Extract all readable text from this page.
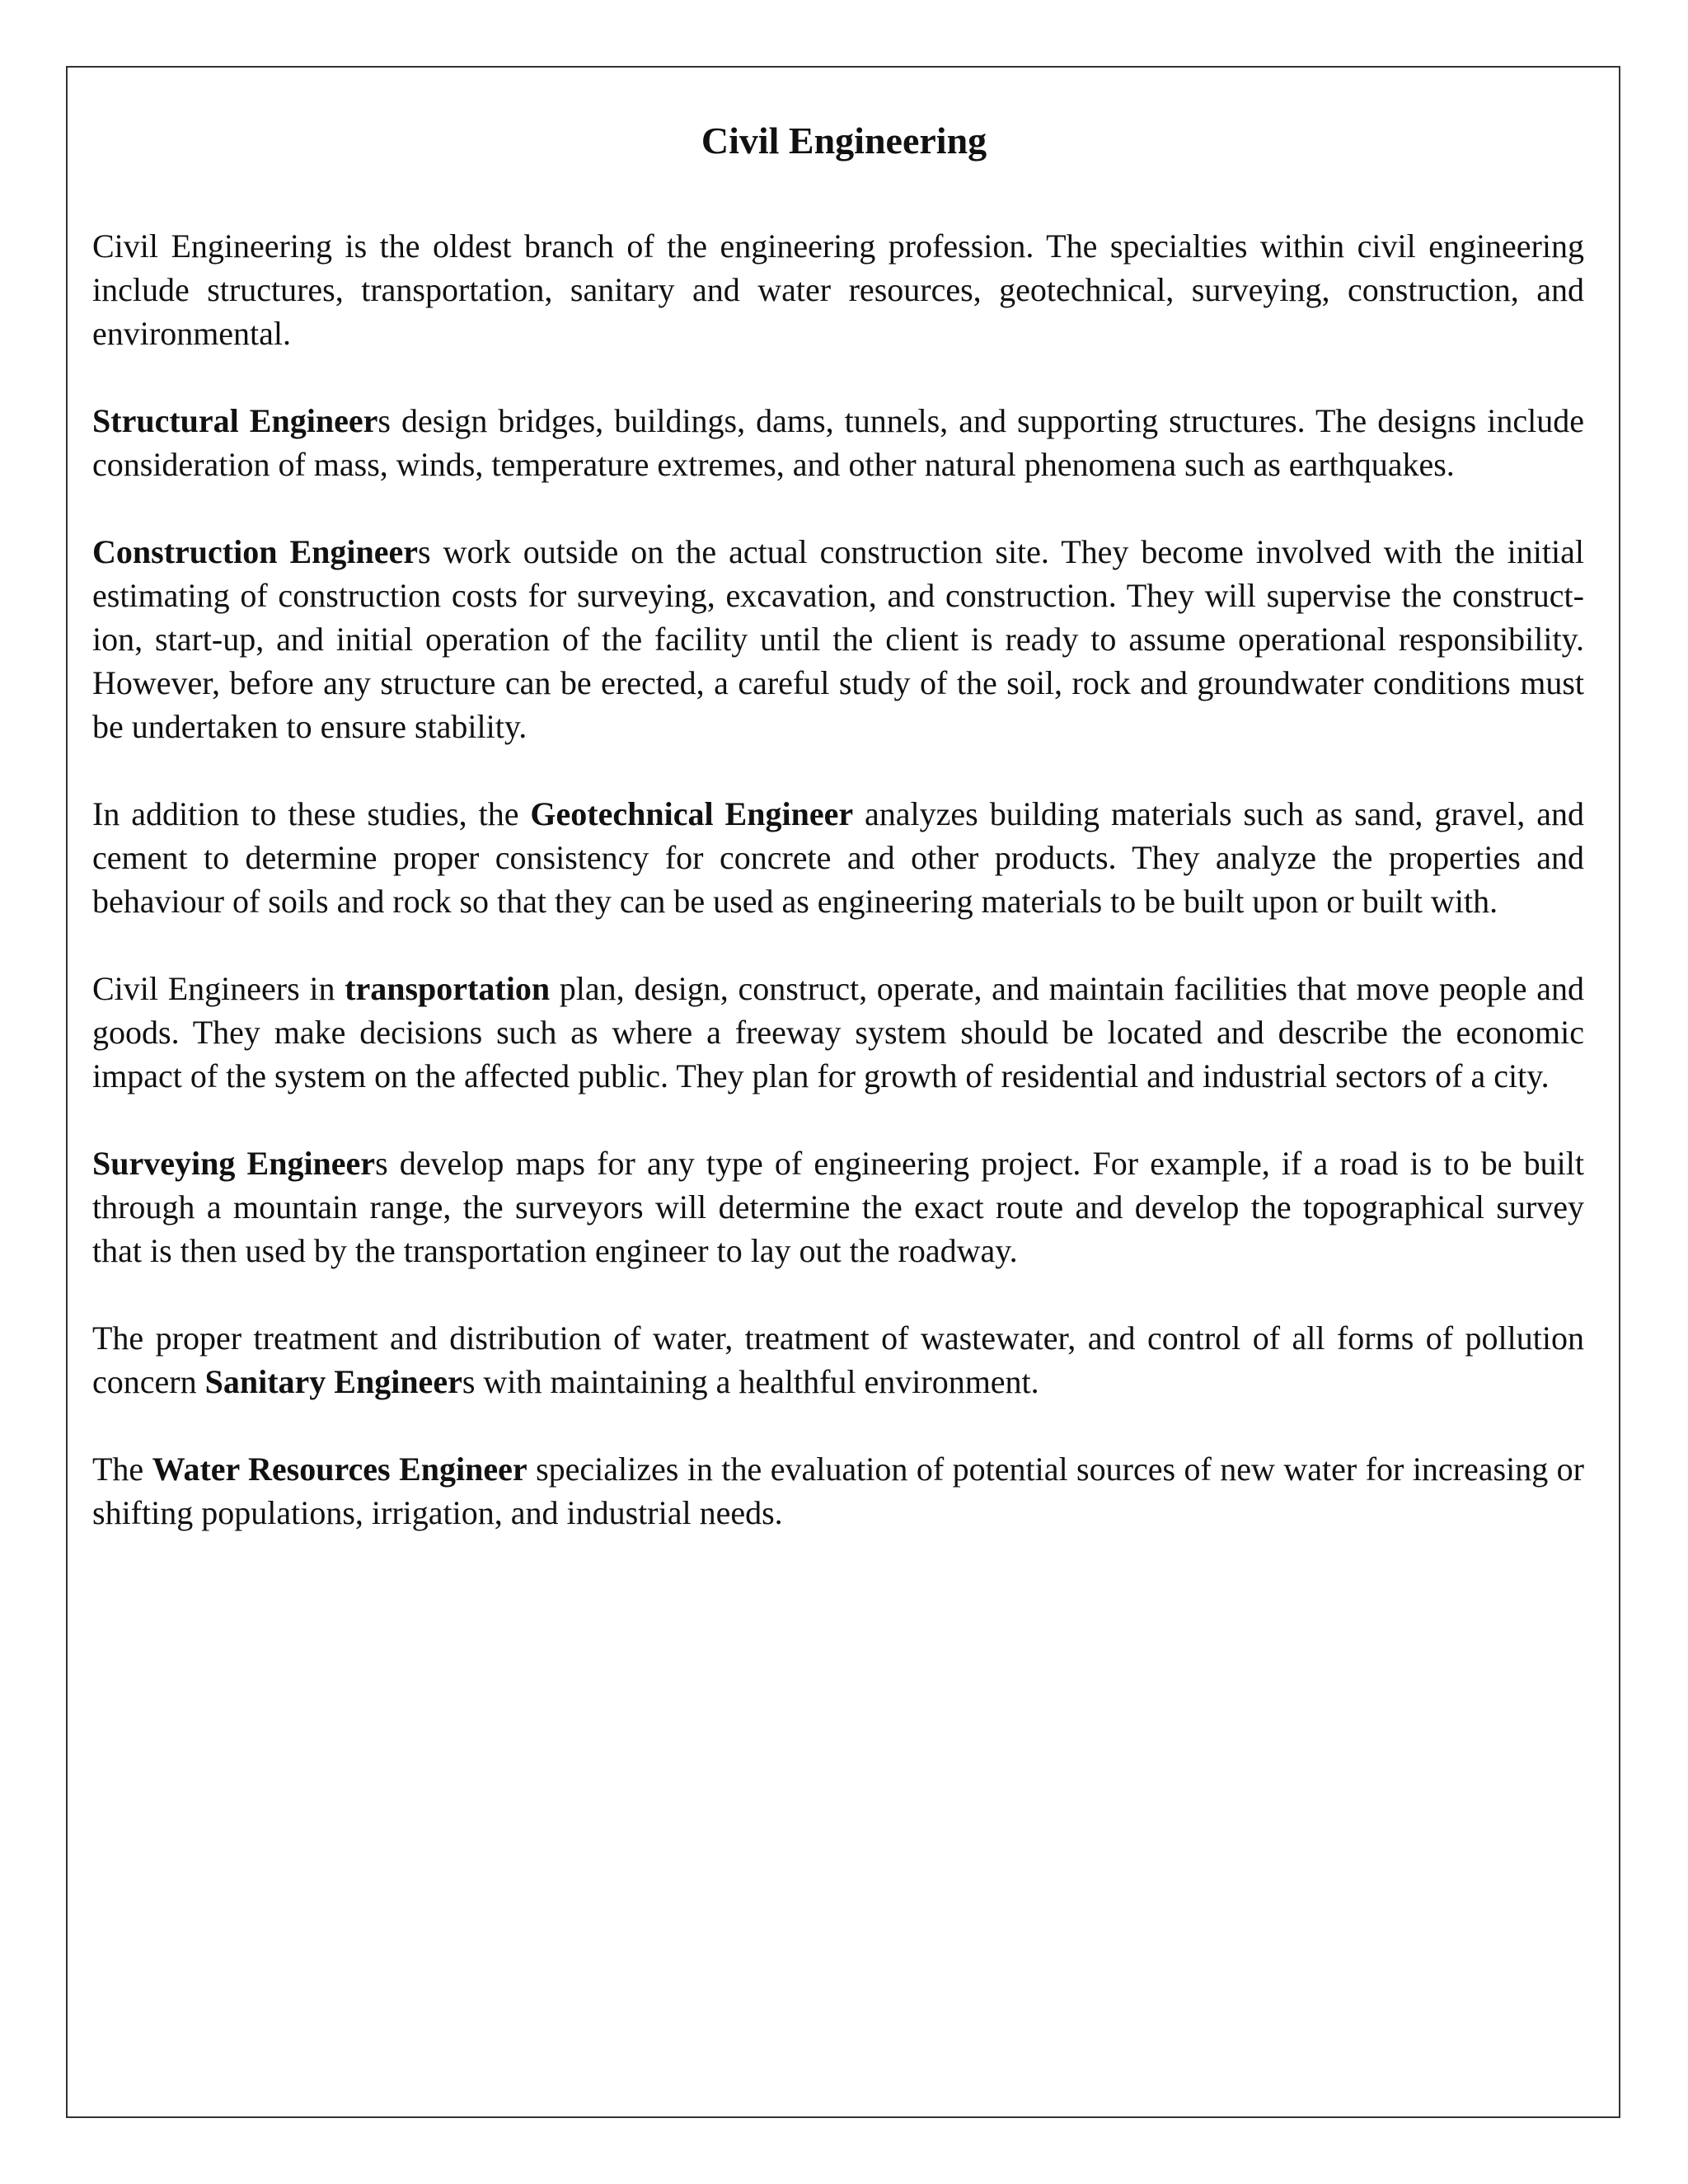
Civil Engineering

Civil Engineering is the oldest branch of the engineering profession. The specialties within civil engineering include structures, transportation, sanitary and water resources, geotechnical, surveying, construction, and environmental.

Structural Engineers design bridges, buildings, dams, tunnels, and supporting structures. The designs include consideration of mass, winds, temperature extremes, and other natural phenomena such as earthquakes.

Construction Engineers work outside on the actual construction site. They become involved with the initial estimating of construction costs for surveying, excavation, and construction. They will supervise the construct-ion, start-up, and initial operation of the facility until the client is ready to assume operational responsibility. However, before any structure can be erected, a careful study of the soil, rock and groundwater conditions must be undertaken to ensure stability.

In addition to these studies, the Geotechnical Engineer analyzes building materials such as sand, gravel, and cement to determine proper consistency for concrete and other products. They analyze the properties and behaviour of soils and rock so that they can be used as engineering materials to be built upon or built with.

Civil Engineers in transportation plan, design, construct, operate, and maintain facilities that move people and goods. They make decisions such as where a freeway system should be located and describe the economic impact of the system on the affected public. They plan for growth of residential and industrial sectors of a city.

Surveying Engineers develop maps for any type of engineering project. For example, if a road is to be built through a mountain range, the surveyors will determine the exact route and develop the topographical survey that is then used by the transportation engineer to lay out the roadway.

The proper treatment and distribution of water, treatment of wastewater, and control of all forms of pollution concern Sanitary Engineers with maintaining a healthful environment.

The Water Resources Engineer specializes in the evaluation of potential sources of new water for increasing or shifting populations, irrigation, and industrial needs.
